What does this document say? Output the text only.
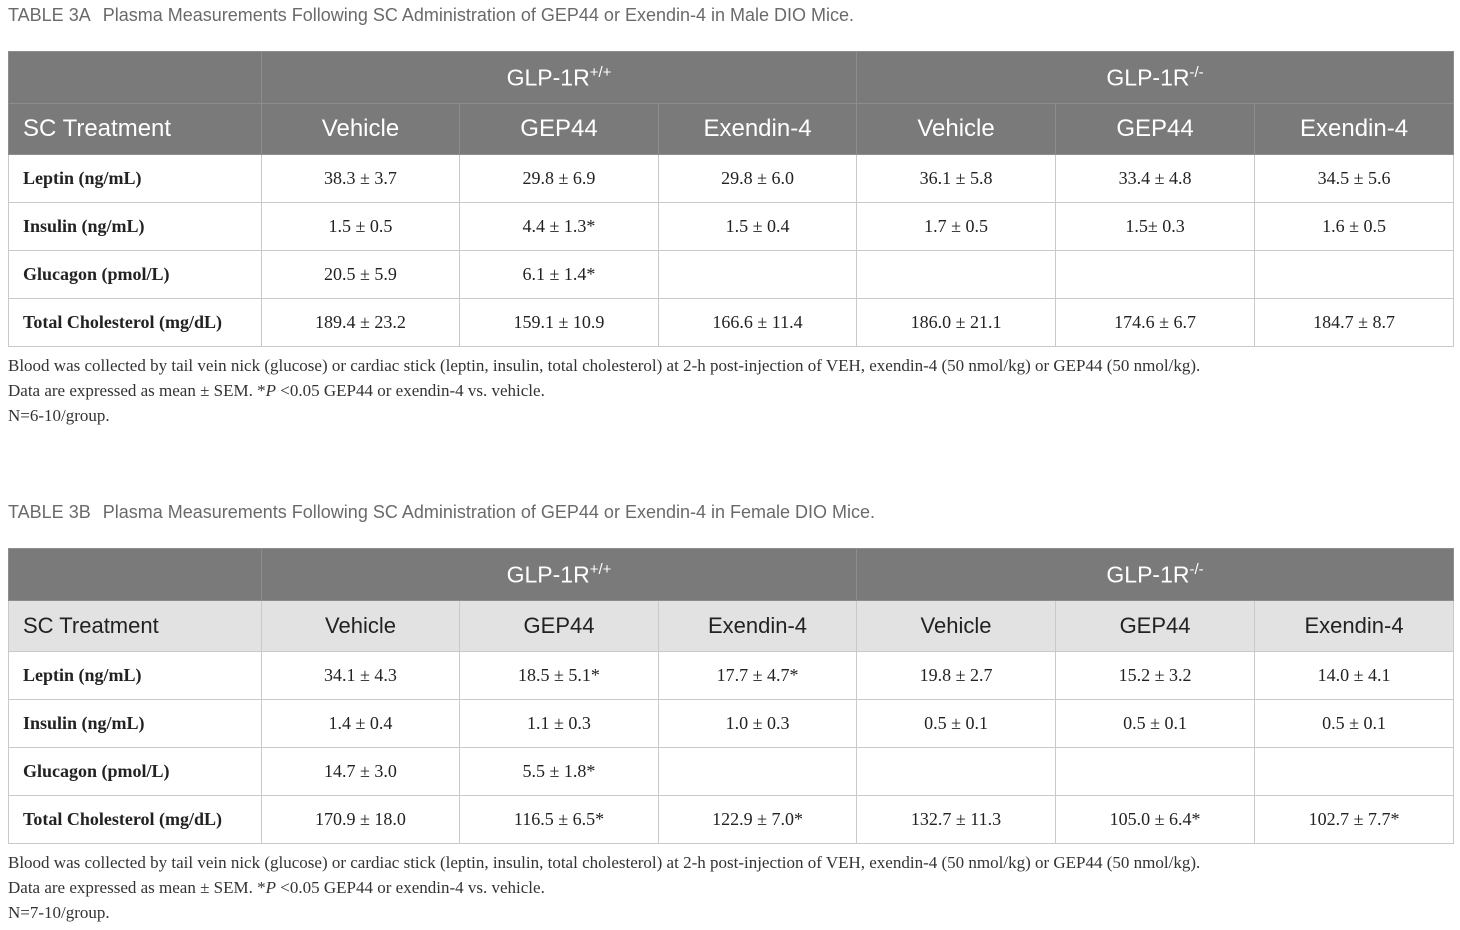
TABLE 3A Plasma Measurements Following SC Administration of GEP44 or Exendin-4 in Male DIO Mice.
	GLP-1R+/+			GLP-1R-/-
SC Treatment	Vehicle	GEP44	Exendin-4	Vehicle	GEP44	Exendin-4
Leptin (ng/mL)	38.3 ± 3.7	29.8 ± 6.9	29.8 ± 6.0	36.1 ± 5.8	33.4 ± 4.8	34.5 ± 5.6
Insulin (ng/mL)	1.5 ± 0.5	4.4 ± 1.3*	1.5 ± 0.4	1.7 ± 0.5	1.5± 0.3	1.6 ± 0.5
Glucagon (pmol/L)	20.5 ± 5.9	6.1 ± 1.4*				
Total Cholesterol (mg/dL)	189.4 ± 23.2	159.1 ± 10.9	166.6 ± 11.4	186.0 ± 21.1	174.6 ± 6.7	184.7 ± 8.7
Blood was collected by tail vein nick (glucose) or cardiac stick (leptin, insulin, total cholesterol) at 2-h post-injection of VEH, exendin-4 (50 nmol/kg) or GEP44 (50 nmol/kg).
Data are expressed as mean ± SEM. *P <0.05 GEP44 or exendin-4 vs. vehicle.
N=6-10/group.
TABLE 3B Plasma Measurements Following SC Administration of GEP44 or Exendin-4 in Female DIO Mice.
	GLP-1R+/+			GLP-1R-/-
SC Treatment	Vehicle	GEP44	Exendin-4	Vehicle	GEP44	Exendin-4
Leptin (ng/mL)	34.1 ± 4.3	18.5 ± 5.1*	17.7 ± 4.7*	19.8 ± 2.7	15.2 ± 3.2	14.0 ± 4.1
Insulin (ng/mL)	1.4 ± 0.4	1.1 ± 0.3	1.0 ± 0.3	0.5 ± 0.1	0.5 ± 0.1	0.5 ± 0.1
Glucagon (pmol/L)	14.7 ± 3.0	5.5 ± 1.8*				
Total Cholesterol (mg/dL)	170.9 ± 18.0	116.5 ± 6.5*	122.9 ± 7.0*	132.7 ± 11.3	105.0 ± 6.4*	102.7 ± 7.7*
Blood was collected by tail vein nick (glucose) or cardiac stick (leptin, insulin, total cholesterol) at 2-h post-injection of VEH, exendin-4 (50 nmol/kg) or GEP44 (50 nmol/kg).
Data are expressed as mean ± SEM. *P <0.05 GEP44 or exendin-4 vs. vehicle.
N=7-10/group.
